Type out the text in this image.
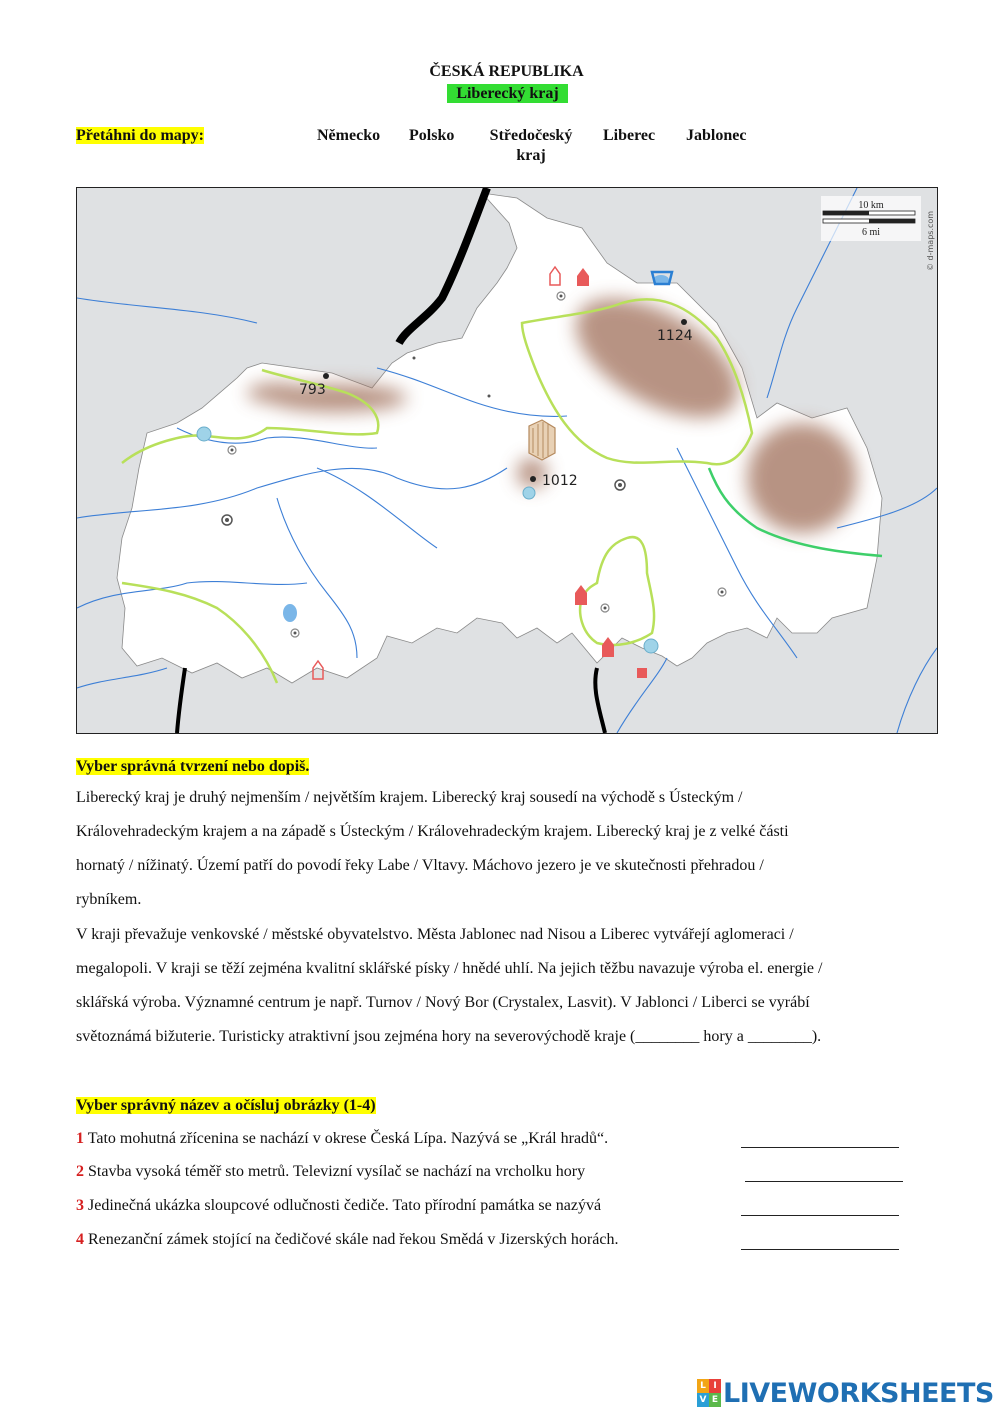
ČESKÁ REPUBLIKA
Liberecký kraj
Přetáhni do mapy:	Německo Polsko	Středočeský kraj
Liberec Jablonec
1124
793
1012
10 km
6 mi	© d-maps.com
Vyber správná tvrzení nebo dopiš.

Liberecký kraj je druhý nejmenším / největším krajem. Liberecký kraj sousedí na východě s Ústeckým /

Královehradeckým krajem a na západě s Ústeckým / Královehradeckým krajem. Liberecký kraj je z velké části

hornatý / nížinatý. Území patří do povodí řeky Labe / Vltavy. Máchovo jezero je ve skutečnosti přehradou /

rybníkem.

V kraji převažuje venkovské / městské obyvatelstvo. Města Jablonec nad Nisou a Liberec vytvářejí aglomeraci /

megalopoli. V kraji se těží zejména kvalitní sklářské písky / hnědé uhlí. Na jejich těžbu navazuje výroba el. energie /

sklářská výroba. Významné centrum je např. Turnov / Nový Bor (Crystalex, Lasvit). V Jablonci / Liberci se vyrábí

světoznámá bižuterie. Turisticky atraktivní jsou zejména hory na severovýchodě kraje (________ hory a ________).

Vyber správný název a očísluj obrázky (1-4)
1 Tato mohutná zřícenina se nachází v okrese Česká Lípa. Nazývá se „Král hradů“.
2 Stavba vysoká téměř sto metrů. Televizní vysílač se nachází na vrcholku hory
3 Jedinečná ukázka sloupcové odlučnosti čediče. Tato přírodní památka se nazývá
4 Renezanční zámek stojící na čedičové skále nad řekou Smědá v Jizerských horách.
L I
V E LIVEWORKSHEETS
